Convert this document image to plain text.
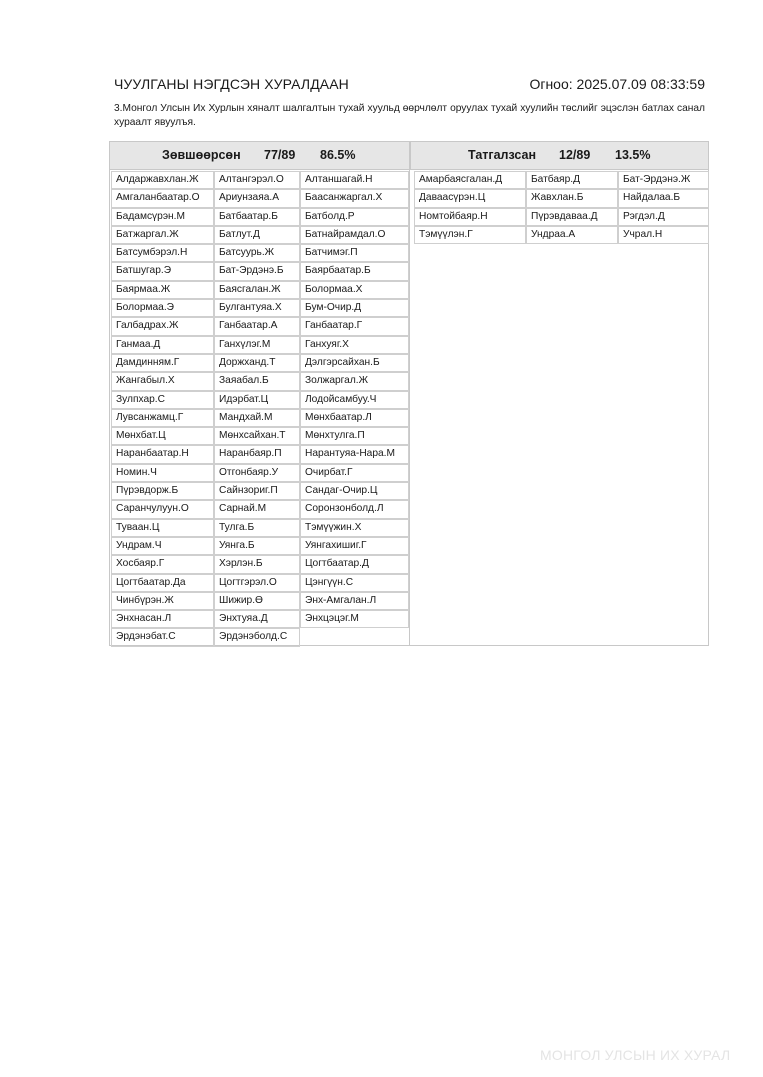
ЧУУЛГАНЫ НЭГДСЭН ХУРАЛДААН	Огноо: 2025.07.09 08:33:59
3.Монгол Улсын Их Хурлын хяналт шалгалтын тухай хуульд өөрчлөлт оруулах тухай хуулийн төслийг эцэслэн батлах санал хураалт явуулъя.
Зөвшөөрсөн 77/89 86.5%	Татгалзсан 12/89 13.5%
Алдаржавхлан.Ж	Алтангэрэл.О	Алтаншагай.Н
Амгаланбаатар.О	Ариунзаяа.А	Баасанжаргал.Х
Бадамсүрэн.М	Батбаатар.Б	Батболд.Р
Батжаргал.Ж	Батлут.Д	Батнайрамдал.О
Батсумбэрэл.Н	Батсуурь.Ж	Батчимэг.П
Батшугар.Э	Бат-Эрдэнэ.Б	Баярбаатар.Б
Баярмаа.Ж	Баясгалан.Ж	Болормаа.Х
Болормаа.Э	Булгантуяа.Х	Бум-Очир.Д
Галбадрах.Ж	Ганбаатар.А	Ганбаатар.Г
Ганмаа.Д	Ганхүлэг.М	Ганхуяг.Х
Дамдинням.Г	Доржханд.Т	Дэлгэрсайхан.Б
Жангабыл.Х	Заяабал.Б	Золжаргал.Ж
Зулпхар.С	Идэрбат.Ц	Лодойсамбуу.Ч
Лувсанжамц.Г	Мандхай.М	Мөнхбаатар.Л
Мөнхбат.Ц	Мөнхсайхан.Т	Мөнхтулга.П
Наранбаатар.Н	Наранбаяр.П	Нарантуяа-Нара.М
Номин.Ч	Отгонбаяр.У	Очирбат.Г
Пүрэвдорж.Б	Сайнзориг.П	Сандаг-Очир.Ц
Саранчулуун.О	Сарнай.М	Соронзонболд.Л
Туваан.Ц	Тулга.Б	Тэмүүжин.Х
Ундрам.Ч	Уянга.Б	Уянгахишиг.Г
Хосбаяр.Г	Хэрлэн.Б	Цогтбаатар.Д
Цогтбаатар.Да	Цогтгэрэл.О	Цэнгүүн.С
Чинбүрэн.Ж	Шижир.Ө	Энх-Амгалан.Л
Энхнасан.Л	Энхтуяа.Д	Энхцэцэг.М
Эрдэнэбат.С	Эрдэнэболд.С
Амарбаясгалан.Д	Батбаяр.Д	Бат-Эрдэнэ.Ж
Даваасүрэн.Ц	Жавхлан.Б	Найдалаа.Б
Номтойбаяр.Н	Пүрэвдаваа.Д	Рэгдэл.Д
Тэмүүлэн.Г	Ундраа.А	Учрал.Н
МОНГОЛ УЛСЫН ИХ ХУРАЛ
